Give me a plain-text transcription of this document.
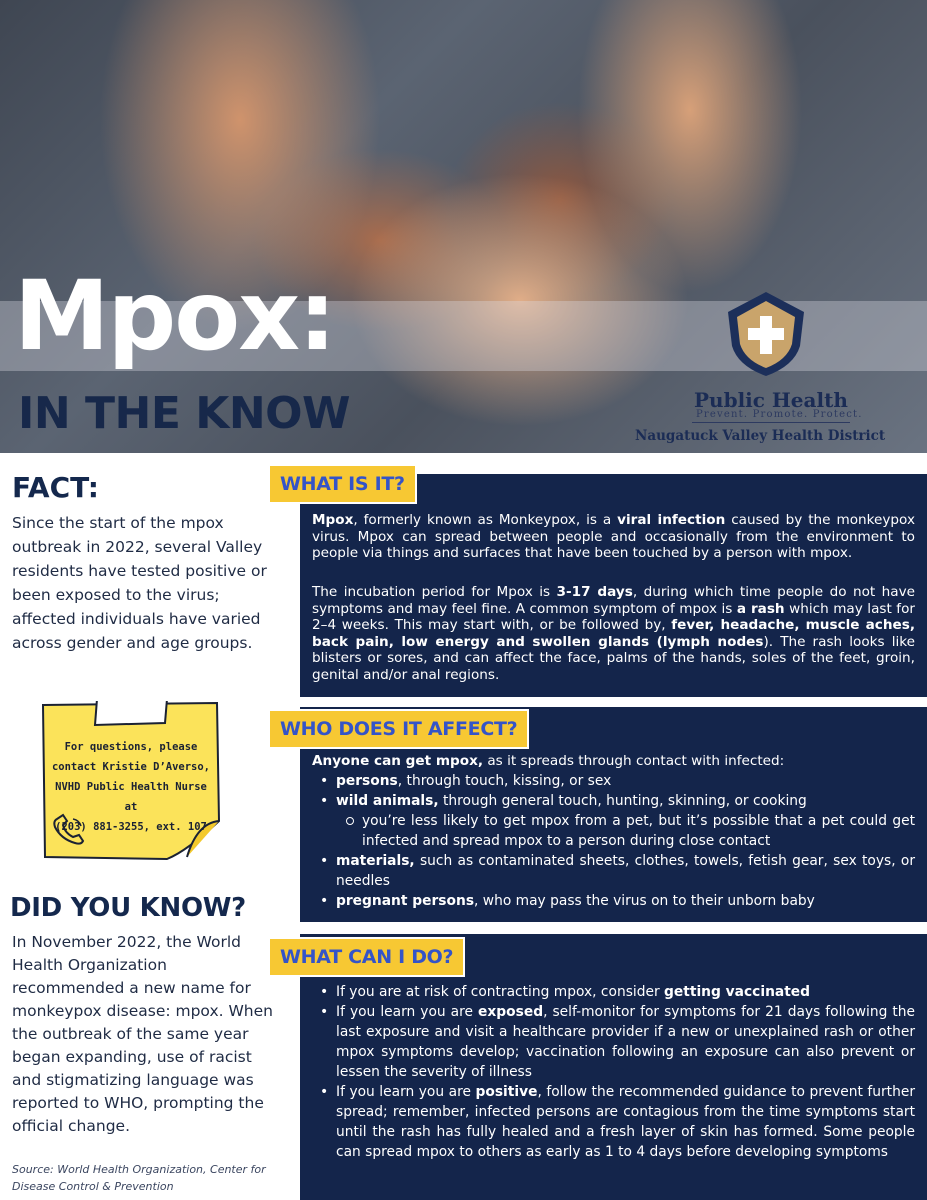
Mpox:
IN THE KNOW	Public Health
Prevent. Promote. Protect.
Naugatuck Valley Health District
FACT:
Since the start of the mpox outbreak in 2022, several Valley residents have tested positive or been exposed to the virus; affected individuals have varied across gender and age groups.
For questions, please
contact Kristie D’Averso,
NVHD Public Health Nurse at
(203) 881-3255, ext. 107
DID YOU KNOW?
In November 2022, the World Health Organization recommended a new name for monkeypox disease: mpox. When the outbreak of the same year began expanding, use of racist and stigmatizing language was reported to WHO, prompting the official change.
Source: World Health Organization, Center for Disease Control & Prevention

Mpox, formerly known as Monkeypox, is a viral infection caused by the monkeypox virus. Mpox can spread between people and occasionally from the environment to people via things and surfaces that have been touched by a person with mpox.

The incubation period for Mpox is 3-17 days, during which time people do not have symptoms and may feel fine. A common symptom of mpox is a rash which may last for 2–4 weeks. This may start with, or be followed by, fever, headache, muscle aches, back pain, low energy and swollen glands (lymph nodes). The rash looks like blisters or sores, and can affect the face, palms of the hands, soles of the feet, groin, genital and/or anal regions.

WHAT IS IT?

Anyone can get mpox, as it spreads through contact with infected:

• persons, through touch, kissing, or sex
• wild animals, through general touch, hunting, skinning, or cooking
you’re less likely to get mpox from a pet, but it’s possible that a pet could get infected and spread mpox to a person during close contact
• materials, such as contaminated sheets, clothes, towels, fetish gear, sex toys, or needles
• pregnant persons, who may pass the virus on to their unborn baby
WHO DOES IT AFFECT?
• If you are at risk of contracting mpox, consider getting vaccinated
• If you learn you are exposed, self-monitor for symptoms for 21 days following the last exposure and visit a healthcare provider if a new or unexplained rash or other mpox symptoms develop; vaccination following an exposure can also prevent or lessen the severity of illness
• If you learn you are positive, follow the recommended guidance to prevent further spread; remember, infected persons are contagious from the time symptoms start until the rash has fully healed and a fresh layer of skin has formed. Some people can spread mpox to others as early as 1 to 4 days before developing symptoms
WHAT CAN I DO?
